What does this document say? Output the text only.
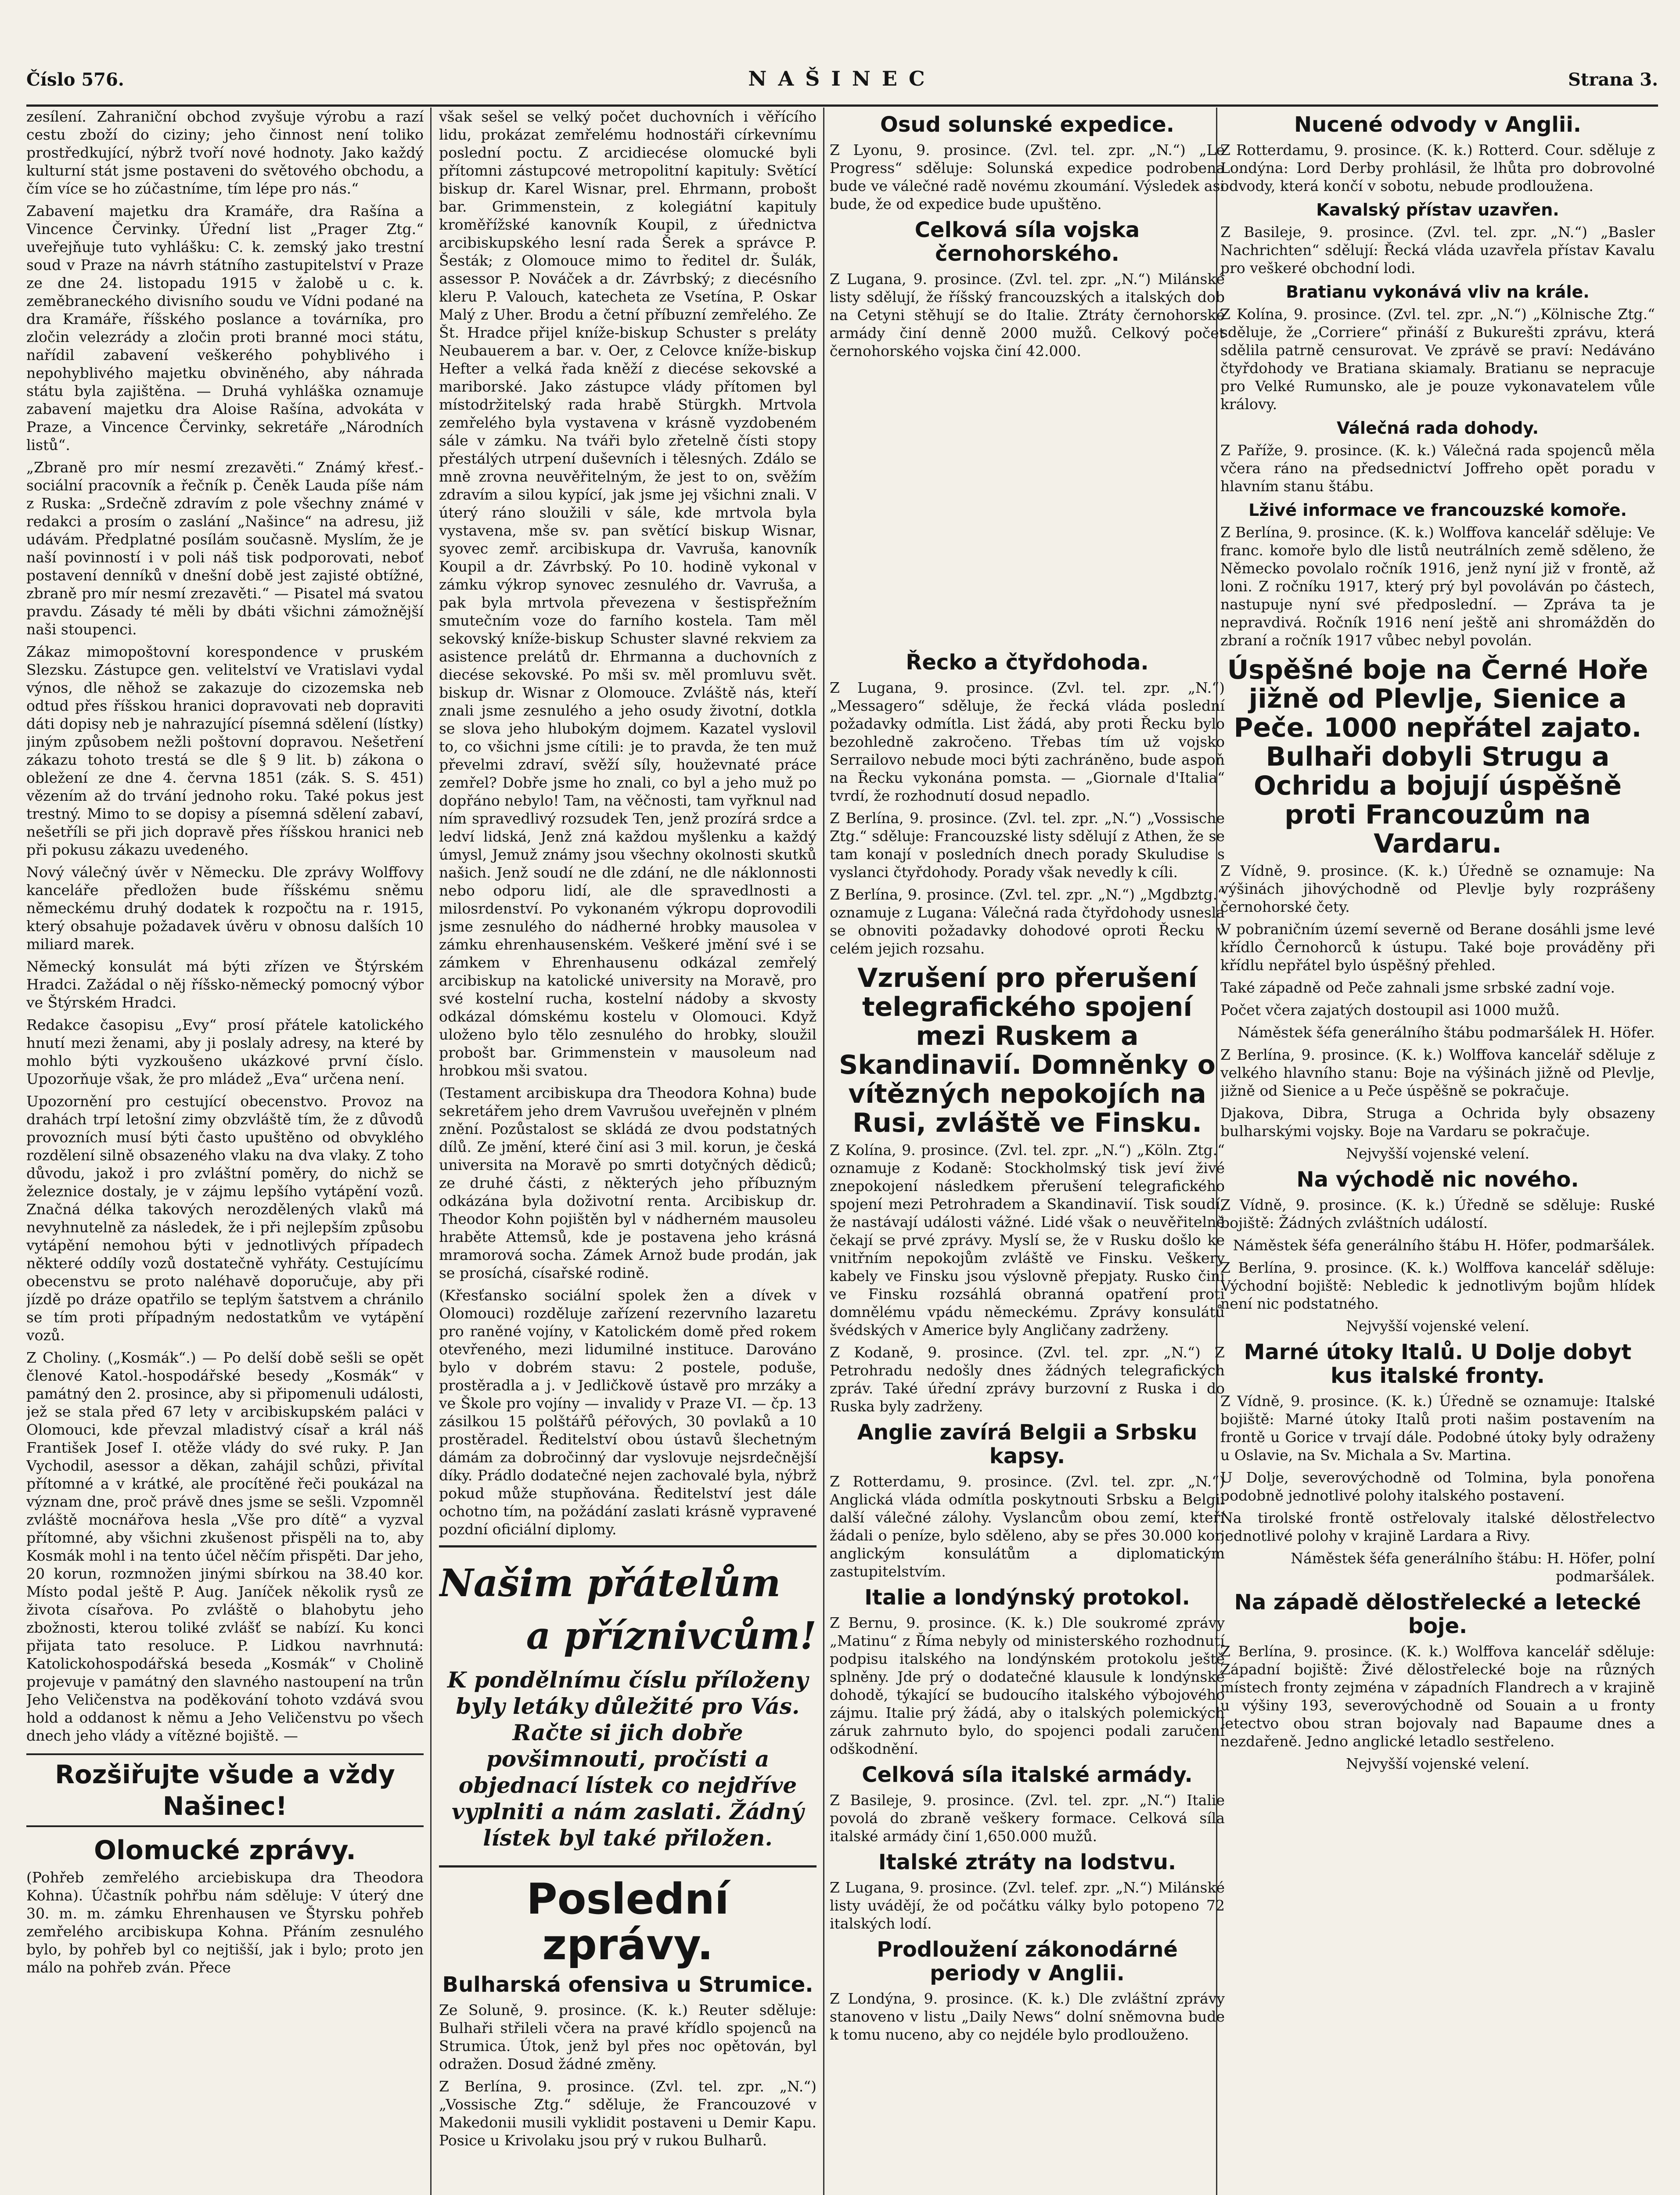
Číslo 576.	NAŠINEC	Strana 3.

zesílení. Zahraniční obchod zvyšuje výrobu a razí cestu zboží do ciziny; jeho činnost není toliko prostředkující, nýbrž tvoří nové hodnoty. Jako každý kulturní stát jsme postaveni do světového obchodu, a čím více se ho zúčastníme, tím lépe pro nás.“

Zabavení majetku dra Kramáře, dra Rašína a Vincence Červinky. Úřední list „Prager Ztg.“ uveřejňuje tuto vyhlášku: C. k. zemský jako trestní soud v Praze na návrh státního zastupitelství v Praze ze dne 24. listopadu 1915 v žalobě u c. k. zeměbraneckého divisního soudu ve Vídni podané na dra Kramáře, říšského poslance a továrníka, pro zločin velezrády a zločin proti branné moci státu, nařídil zabavení veškerého pohyblivého i nepohyblivého majetku obviněného, aby náhrada státu byla zajištěna. — Druhá vyhláška oznamuje zabavení majetku dra Aloise Rašína, advokáta v Praze, a Vincence Červinky, sekretáře „Národních listů“.

„Zbraně pro mír nesmí zrezavěti.“ Známý křesť.-sociální pracovník a řečník p. Čeněk Lauda píše nám z Ruska: „Srdečně zdravím z pole všechny známé v redakci a prosím o zaslání „Našince“ na adresu, již udávám. Předplatné posílám současně. Myslím, že je naší povinností i v poli náš tisk podporovati, neboť postavení denníků v dnešní době jest zajisté obtížné, zbraně pro mír nesmí zrezavěti.“ — Pisatel má svatou pravdu. Zásady té měli by dbáti všichni zámožnější naši stoupenci.

Zákaz mimopoštovní korespondence v pruském Slezsku. Zástupce gen. velitelství ve Vratislavi vydal výnos, dle něhož se zakazuje do cizozemska neb odtud přes říšskou hranici dopravovati neb dopraviti dáti dopisy neb je nahrazující písemná sdělení (lístky) jiným způsobem nežli poštovní dopravou. Nešetření zákazu tohoto trestá se dle § 9 lit. b) zákona o obležení ze dne 4. června 1851 (zák. S. S. 451) vězením až do trvání jednoho roku. Také pokus jest trestný. Mimo to se dopisy a písemná sdělení zabaví, nešetříli se při jich dopravě přes říšskou hranici neb při pokusu zákazu uvedeného.

Nový válečný úvěr v Německu. Dle zprávy Wolffovy kanceláře předložen bude říšskému sněmu německému druhý dodatek k rozpočtu na r. 1915, který obsahuje požadavek úvěru v obnosu dalších 10 miliard marek.

Německý konsulát má býti zřízen ve Štýrském Hradci. Zažádal o něj říšsko-německý pomocný výbor ve Štýrském Hradci.

Redakce časopisu „Evy“ prosí přátele katolického hnutí mezi ženami, aby ji poslaly adresy, na které by mohlo býti vyzkoušeno ukázkové první číslo. Upozorňuje však, že pro mládež „Eva“ určena není.

Upozornění pro cestující obecenstvo. Provoz na drahách trpí letošní zimy obzvláště tím, že z důvodů provozních musí býti často upuštěno od obvyklého rozdělení silně obsazeného vlaku na dva vlaky. Z toho důvodu, jakož i pro zvláštní poměry, do nichž se železnice dostaly, je v zájmu lepšího vytápění vozů. Značná délka takových nerozdělených vlaků má nevyhnutelně za následek, že i při nejlepším způsobu vytápění nemohou býti v jednotlivých případech některé oddíly vozů dostatečně vyhřáty. Cestujícímu obecenstvu se proto naléhavě doporučuje, aby při jízdě po dráze opatřilo se teplým šatstvem a chránilo se tím proti případným nedostatkům ve vytápění vozů.

Z Choliny. („Kosmák“.) — Po delší době sešli se opět členové Katol.-hospodářské besedy „Kosmák“ v památný den 2. prosince, aby si připomenuli události, jež se stala před 67 lety v arcibiskupském paláci v Olomouci, kde převzal mladistvý císař a král náš František Josef I. otěže vlády do své ruky. P. Jan Vychodil, asessor a děkan, zahájil schůzi, přivítal přítomné a v krátké, ale procítěné řeči poukázal na význam dne, proč právě dnes jsme se sešli. Vzpomněl zvláště mocnářova hesla „Vše pro dítě“ a vyzval přítomné, aby všichni zkušenost přispěli na to, aby Kosmák mohl i na tento účel něčím přispěti. Dar jeho, 20 korun, rozmnožen jinými sbírkou na 38.40 kor. Místo podal ještě P. Aug. Janíček několik rysů ze života císařova. Po zvláště o blahobytu jeho zbožnosti, kterou toliké zvlášť se nabízí. Ku konci přijata tato resoluce. P. Lidkou navrhnutá: Katolickohospodářská beseda „Kosmák“ v Cholině projevuje v památný den slavného nastoupení na trůn Jeho Veličenstva na poděkování tohoto vzdává svou hold a oddanost k němu a Jeho Veličenstvu po všech dnech jeho vlády a vítězné bojiště. —

Rozšiřujte všude a vždy Našinec!
Olomucké zprávy.

(Pohřeb zemřelého arciebiskupa dra Theodora Kohna). Účastník pohřbu nám sděluje: V úterý dne 30. m. m. zámku Ehrenhausen ve Štyrsku pohřeb zemřelého arcibiskupa Kohna. Přáním zesnulého bylo, by pohřeb byl co nejtišší, jak i bylo; proto jen málo na pohřeb zván. Přece

však sešel se velký počet duchovních i věřícího lidu, prokázat zemřelému hodnostáři církevnímu poslední poctu. Z arcidiecése olomucké byli přítomni zástupcové metropolitní kapituly: Světící biskup dr. Karel Wisnar, prel. Ehrmann, probošt bar. Grimmenstein, z kolegiátní kapituly kroměřížské kanovník Koupil, z úřednictva arcibiskupského lesní rada Šerek a správce P. Šesták; z Olomouce mimo to ředitel dr. Šulák, assessor P. Nováček a dr. Závrbský; z diecésního kleru P. Valouch, katecheta ze Vsetína, P. Oskar Malý z Uher. Brodu a četní příbuzní zemřelého. Ze Št. Hradce přijel kníže-biskup Schuster s preláty Neubauerem a bar. v. Oer, z Celovce kníže-biskup Hefter a velká řada kněží z diecése sekovské a mariborské. Jako zástupce vlády přítomen byl místodržitelský rada hrabě Stürgkh. Mrtvola zemřelého byla vystavena v krásně vyzdobeném sále v zámku. Na tváři bylo zřetelně čísti stopy přestálých utrpení duševních i tělesných. Zdálo se mně zrovna neuvěřitelným, že jest to on, svěžím zdravím a silou kypící, jak jsme jej všichni znali. V úterý ráno sloužili v sále, kde mrtvola byla vystavena, mše sv. pan světící biskup Wisnar, syovec zemř. arcibiskupa dr. Vavruša, kanovník Koupil a dr. Závrbský. Po 10. hodině vykonal v zámku výkrop synovec zesnulého dr. Vavruša, a pak byla mrtvola převezena v šestispřežním smutečním voze do farního kostela. Tam měl sekovský kníže-biskup Schuster slavné rekviem za asistence prelátů dr. Ehrmanna a duchovních z diecése sekovské. Po mši sv. měl promluvu svět. biskup dr. Wisnar z Olomouce. Zvláště nás, kteří znali jsme zesnulého a jeho osudy životní, dotkla se slova jeho hlubokým dojmem. Kazatel vyslovil to, co všichni jsme cítili: je to pravda, že ten muž převelmi zdraví, svěží síly, houževnaté práce zemřel? Dobře jsme ho znali, co byl a jeho muž po dopřáno nebylo! Tam, na věčnosti, tam vyřknul nad ním spravedlivý rozsudek Ten, jenž prozírá srdce a ledví lidská, Jenž zná každou myšlenku a každý úmysl, Jemuž známy jsou všechny okolnosti skutků našich. Jenž soudí ne dle zdání, ne dle náklonnosti nebo odporu lidí, ale dle spravedlnosti a milosrdenství. Po vykonaném výkropu doprovodili jsme zesnulého do nádherné hrobky mausolea v zámku ehrenhausenském. Veškeré jmění své i se zámkem v Ehrenhausenu odkázal zemřelý arcibiskup na katolické university na Moravě, pro své kostelní rucha, kostelní nádoby a skvosty odkázal dómskému kostelu v Olomouci. Když uloženo bylo tělo zesnulého do hrobky, sloužil probošt bar. Grimmenstein v mausoleum nad hrobkou mši svatou.

(Testament arcibiskupa dra Theodora Kohna) bude sekretářem jeho drem Vavrušou uveřejněn v plném znění. Pozůstalost se skládá ze dvou podstatných dílů. Ze jmění, které činí asi 3 mil. korun, je česká universita na Moravě po smrti dotyčných dědiců; ze druhé části, z některých jeho příbuzným odkázána byla doživotní renta. Arcibiskup dr. Theodor Kohn pojištěn byl v nádherném mausoleu hraběte Attemsů, kde je postavena jeho krásná mramorová socha. Zámek Arnož bude prodán, jak se prosíchá, císařské rodině.

(Křesťansko sociální spolek žen a dívek v Olomouci) rozděluje zařízení rezervního lazaretu pro raněné vojíny, v Katolickém domě před rokem otevřeného, mezi lidumilné instituce. Darováno bylo v dobrém stavu: 2 postele, poduše, prostěradla a j. v Jedličkově ústavě pro mrzáky a ve Škole pro vojíny — invalidy v Praze VI. — čp. 13 zásilkou 15 polštářů péřových, 30 povlaků a 10 prostěradel. Ředitelství obou ústavů šlechetným dámám za dobročinný dar vyslovuje nejsrdečnější díky. Prádlo dodatečné nejen zachovalé byla, nýbrž pokud může stupňována. Ředitelství jest dále ochotno tím, na požádání zaslati krásně vypravené pozdní oficiální diplomy.

Našim přátelům
a příznivcům!
K pondělnímu číslu příloženy byly letáky důležité pro Vás. Račte si jich dobře povšimnouti, pročísti a objednací lístek co nejdříve vyplniti a nám zaslati. Žádný lístek byl také přiložen.
Poslední zprávy.
Bulharská ofensiva u Strumice.

Ze Soluně, 9. prosince. (K. k.) Reuter sděluje: Bulhaři střileli včera na pravé křídlo spojenců na Strumica. Útok, jenž byl přes noc opětován, byl odražen. Dosud žádné změny.

Z Berlína, 9. prosince. (Zvl. tel. zpr. „N.“) „Vossische Ztg.“ sděluje, že Francouzové v Makedonii musili vyklidit postaveni u Demir Kapu. Posice u Krivolaku jsou prý v rukou Bulharů.

Osud solunské expedice.

Z Lyonu, 9. prosince. (Zvl. tel. zpr. „N.“) „Le Progress“ sděluje: Solunská expedice podrobena bude ve válečné radě novému zkoumání. Výsledek asi bude, že od expedice bude upuštěno.

Celková síla vojska černohorského.

Z Lugana, 9. prosince. (Zvl. tel. zpr. „N.“) Milánské listy sdělují, že říšský francouzských a italských dob na Cetyni stěhují se do Italie. Ztráty černohorské armády činí denně 2000 mužů. Celkový počet černohorského vojska činí 42.000.

Řecko a čtyřdohoda.

Z Lugana, 9. prosince. (Zvl. tel. zpr. „N.“) „Messagero“ sděluje, že řecká vláda poslední požadavky odmítla. List žádá, aby proti Řecku bylo bezohledně zakročeno. Třebas tím už vojsko Serrailovo nebude moci býti zachráněno, bude aspoň na Řecku vykonána pomsta. — „Giornale d'Italia“ tvrdí, že rozhodnutí dosud nepadlo.

Z Berlína, 9. prosince. (Zvl. tel. zpr. „N.“) „Vossische Ztg.“ sděluje: Francouzské listy sdělují z Athen, že se tam konají v posledních dnech porady Skuludise s vyslanci čtyřdohody. Porady však nevedly k cíli.

Z Berlína, 9. prosince. (Zvl. tel. zpr. „N.“) „Mgdbztg.“ oznamuje z Lugana: Válečná rada čtyřdohody usnesla se obnoviti požadavky dohodové oproti Řecku v celém jejich rozsahu.

Vzrušení pro přerušení telegrafického spojení mezi Ruskem a Skandinavií. Domněnky o vítězných nepokojích na Rusi, zvláště ve Finsku.

Z Kolína, 9. prosince. (Zvl. tel. zpr. „N.“) „Köln. Ztg.“ oznamuje z Kodaně: Stockholmský tisk jeví živé znepokojení následkem přerušení telegrafického spojení mezi Petrohradem a Skandinavií. Tisk soudí, že nastávají události vážné. Lidé však o neuvěřitelně čekají se prvé zprávy. Myslí se, že v Rusku došlo ke vnitřním nepokojům zvláště ve Finsku. Veškery kabely ve Finsku jsou výslovně přepjaty. Rusko činí ve Finsku rozsáhlá obranná opatření proti domnělému vpádu německému. Zprávy konsulátů švédských v Americe byly Angličany zadrženy.

Z Kodaně, 9. prosince. (Zvl. tel. zpr. „N.“) Z Petrohradu nedošly dnes žádných telegrafických zpráv. Také úřední zprávy burzovní z Ruska i do Ruska byly zadrženy.

Anglie zavírá Belgii a Srbsku kapsy.

Z Rotterdamu, 9. prosince. (Zvl. tel. zpr. „N.“) Anglická vláda odmítla poskytnouti Srbsku a Belgii další válečné zálohy. Vyslancům obou zemí, kteří žádali o peníze, bylo sděleno, aby se přes 30.000 kor. anglickým konsulátům a diplomatickým zastupitelstvím.

Italie a londýnský protokol.

Z Bernu, 9. prosince. (K. k.) Dle soukromé zprávy „Matinu“ z Říma nebyly od ministerského rozhodnutí podpisu italského na londýnském protokolu ještě splněny. Jde prý o dodatečné klausule k londýnské dohodě, týkající se budoucího italského výbojového zájmu. Italie prý žádá, aby o italských polemických záruk zahrnuto bylo, do spojenci podali zaručení odškodnění.

Celková síla italské armády.

Z Basileje, 9. prosince. (Zvl. tel. zpr. „N.“) Italie povolá do zbraně veškery formace. Celková síla italské armády činí 1,650.000 mužů.

Italské ztráty na lodstvu.

Z Lugana, 9. prosince. (Zvl. telef. zpr. „N.“) Milánské listy uvádějí, že od počátku války bylo potopeno 72 italských lodí.

Prodloužení zákonodárné periody v Anglii.

Z Londýna, 9. prosince. (K. k.) Dle zvláštní zprávy stanoveno v listu „Daily News“ dolní sněmovna bude k tomu nuceno, aby co nejdéle bylo prodlouženo.

Nucené odvody v Anglii.

Z Rotterdamu, 9. prosince. (K. k.) Rotterd. Cour. sděluje z Londýna: Lord Derby prohlásil, že lhůta pro dobrovolné odvody, která končí v sobotu, nebude prodloužena.

Kavalský přístav uzavřen.

Z Basileje, 9. prosince. (Zvl. tel. zpr. „N.“) „Basler Nachrichten“ sdělují: Řecká vláda uzavřela přístav Kavalu pro veškeré obchodní lodi.

Bratianu vykonává vliv na krále.

Z Kolína, 9. prosince. (Zvl. tel. zpr. „N.“) „Kölnische Ztg.“ sděluje, že „Corriere“ přináší z Bukurešti zprávu, která sdělila patrně censurovat. Ve zprávě se praví: Nedáváno čtyřdohody ve Bratiana skiamaly. Bratianu se nepracuje pro Velké Rumunsko, ale je pouze vykonavatelem vůle královy.

Válečná rada dohody.

Z Paříže, 9. prosince. (K. k.) Válečná rada spojenců měla včera ráno na předsednictví Joffreho opět poradu v hlavním stanu štábu.

Lživé informace ve francouzské komoře.

Z Berlína, 9. prosince. (K. k.) Wolffova kancelář sděluje: Ve franc. komoře bylo dle listů neutrálních země sděleno, že Německo povolalo ročník 1916, jenž nyní již v frontě, až loni. Z ročníku 1917, který prý byl povoláván po částech, nastupuje nyní své předposlední. — Zpráva ta je nepravdivá. Ročník 1916 není ještě ani shromážděn do zbraní a ročník 1917 vůbec nebyl povolán.

Úspěšné boje na Černé Hoře jižně od Plevlje, Sienice a Peče. 1000 nepřátel zajato. Bulhaři dobyli Strugu a Ochridu a bojují úspěšně proti Francouzům na Vardaru.

Z Vídně, 9. prosince. (K. k.) Úředně se oznamuje: Na výšinách jihovýchodně od Plevlje byly rozprášeny černohorské čety.

V pobraničním území severně od Berane dosáhli jsme levé křídlo Černohorců k ústupu. Také boje prováděny při křídlu nepřátel bylo úspěšný přehled.

Také západně od Peče zahnali jsme srbské zadní voje.

Počet včera zajatých dostoupil asi 1000 mužů.

Náměstek šéfa generálního štábu podmaršálek H. Höfer.

Z Berlína, 9. prosince. (K. k.) Wolffova kancelář sděluje z velkého hlavního stanu: Boje na výšinách jižně od Plevlje, jižně od Sienice a u Peče úspěšně se pokračuje.

Djakova, Dibra, Struga a Ochrida byly obsazeny bulharskými vojsky. Boje na Vardaru se pokračuje.

Nejvyšší vojenské velení.

Na východě nic nového.

Z Vídně, 9. prosince. (K. k.) Úředně se sděluje: Ruské bojiště: Žádných zvláštních událostí.

Náměstek šéfa generálního štábu H. Höfer, podmaršálek.

Z Berlína, 9. prosince. (K. k.) Wolffova kancelář sděluje: Východní bojiště: Nebledic k jednotlivým bojům hlídek není nic podstatného.

Nejvyšší vojenské velení.

Marné útoky Italů. U Dolje dobyt kus italské fronty.

Z Vídně, 9. prosince. (K. k.) Úředně se oznamuje: Italské bojiště: Marné útoky Italů proti našim postavením na frontě u Gorice v trvají dále. Podobné útoky byly odraženy u Oslavie, na Sv. Michala a Sv. Martina.

U Dolje, severovýchodně od Tolmina, byla ponořena podobně jednotlivé polohy italského postavení.

Na tirolské frontě ostřelovaly italské dělostřelectvo jednotlivé polohy v krajině Lardara a Rivy.

Náměstek šéfa generálního štábu: H. Höfer, polní podmaršálek.

Na západě dělostřelecké a letecké boje.

Z Berlína, 9. prosince. (K. k.) Wolffova kancelář sděluje: Západní bojiště: Živé dělostřelecké boje na různých místech fronty zejména v západních Flandrech a v krajině u výšiny 193, severovýchodně od Souain a u fronty letectvo obou stran bojovaly nad Bapaume dnes a nezdařeně. Jedno anglické letadlo sestřeleno.

Nejvyšší vojenské velení.
